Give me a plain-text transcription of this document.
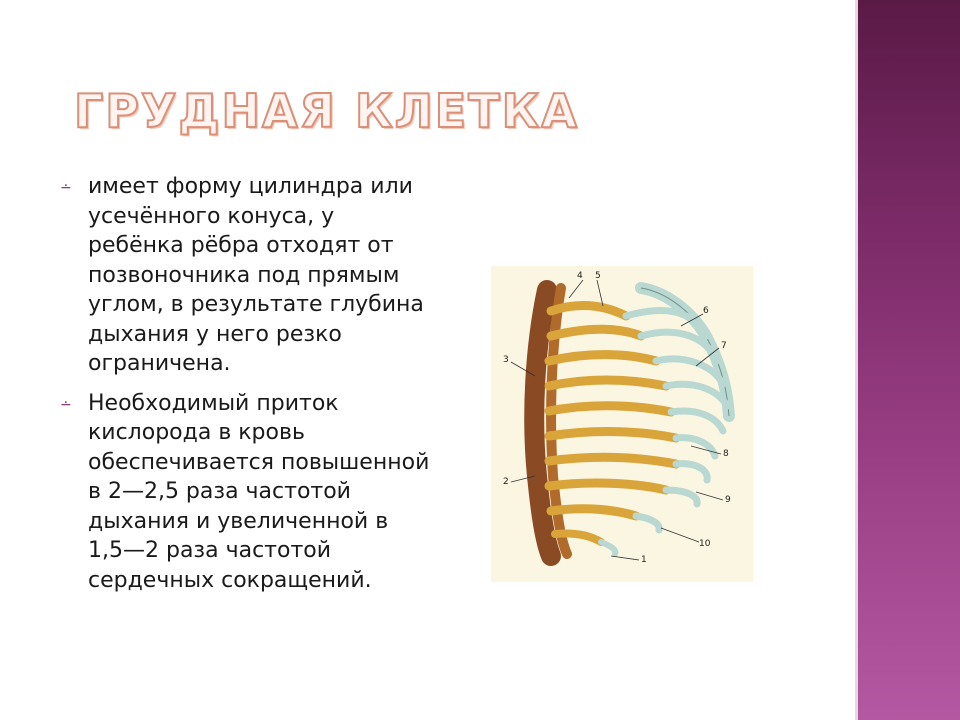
ГРУДНАЯ КЛЕТКА
∸ имеет форму цилиндра или усечённого конуса, у ребёнка рёбра отходят от позвоночника под прямым углом, в результате глубина дыхания у него резко ограничена.
∸ Необходимый приток кислорода в кровь обеспечивается повышенной в 2—2,5 раза частотой дыхания и увеличенной в 1,5—2 раза частотой сердечных сокращений.
4 5
6
7
3
8
2
9
10
1
